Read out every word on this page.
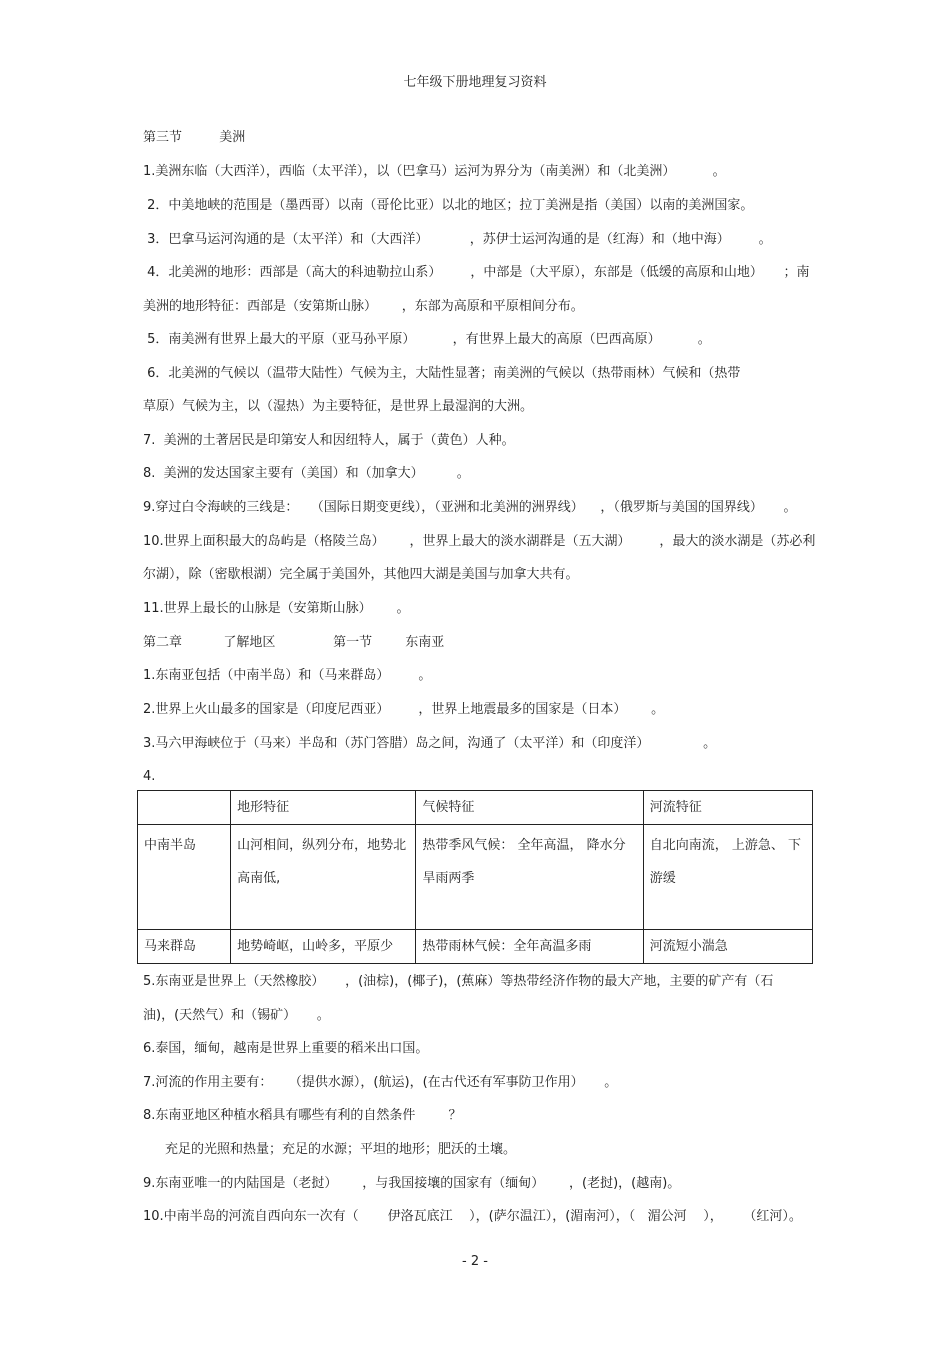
七年级下册地理复习资料
第三节         美洲
1.美洲东临（大西洋），西临（太平洋），以（巴拿马）运河为界分为（南美洲）和（北美洲）         。
2．中美地峡的范围是（墨西哥）以南（哥伦比亚）以北的地区；拉丁美洲是指（美国）以南的美洲国家。
3．巴拿马运河沟通的是（太平洋）和（大西洋）          ，苏伊士运河沟通的是（红海）和（地中海）       。
4．北美洲的地形：西部是（高大的科迪勒拉山系）       ，中部是（大平原），东部是（低缓的高原和山地）     ；南
美洲的地形特征：西部是（安第斯山脉）      ，东部为高原和平原相间分布。
5．南美洲有世界上最大的平原（亚马孙平原）         ，有世界上最大的高原（巴西高原）         。
6．北美洲的气候以（温带大陆性）气候为主，大陆性显著；南美洲的气候以（热带雨林）气候和（热带
草原）气候为主，以（湿热）为主要特征，是世界上最湿润的大洲。
7.  美洲的土著居民是印第安人和因纽特人，属于（黄色）人种。
8.  美洲的发达国家主要有（美国）和（加拿大）        。
9.穿过白令海峡的三线是：   （国际日期变更线），（亚洲和北美洲的洲界线）    ，（俄罗斯与美国的国界线）     。
10.世界上面积最大的岛屿是（格陵兰岛）      ，世界上最大的淡水湖群是（五大湖）       ，最大的淡水湖是（苏必利
尔湖），除（密歇根湖）完全属于美国外，其他四大湖是美国与加拿大共有。
11.世界上最长的山脉是（安第斯山脉）      。
第二章          了解地区              第一节        东南亚
1.东南亚包括（中南半岛）和（马来群岛）       。
2.世界上火山最多的国家是（印度尼西亚）       ，世界上地震最多的国家是（日本）      。
3.马六甲海峡位于（马来）半岛和（苏门答腊）岛之间，沟通了（太平洋）和（印度洋）             。
4.
	地形特征	气候特征	河流特征
中南半岛	山河相间，纵列分布，地势北高南低,	热带季风气候： 全年高温， 降水分旱雨两季	自北向南流， 上游急、 下游缓
马来群岛	地势崎岖，山岭多，平原少	热带雨林气候：全年高温多雨	河流短小湍急
5.东南亚是世界上（天然橡胶）     ，(油棕)，(椰子)，(蕉麻）等热带经济作物的最大产地，主要的矿产有（石
油)，(天然气）和（锡矿）     。
6.泰国，缅甸，越南是世界上重要的稻米出口国。
7.河流的作用主要有：    （提供水源），(航运)，(在古代还有军事防卫作用）     。
8.东南亚地区种植水稻具有哪些有利的自然条件        ？
充足的光照和热量；充足的水源；平坦的地形；肥沃的土壤。
9.东南亚唯一的内陆国是（老挝）      ，与我国接壤的国家有（缅甸）      ，(老挝)，(越南)。
10.中南半岛的河流自西向东一次有（       伊洛瓦底江    ），(萨尔温江），(湄南河），（   湄公河    ），     （红河）。
- 2 -
